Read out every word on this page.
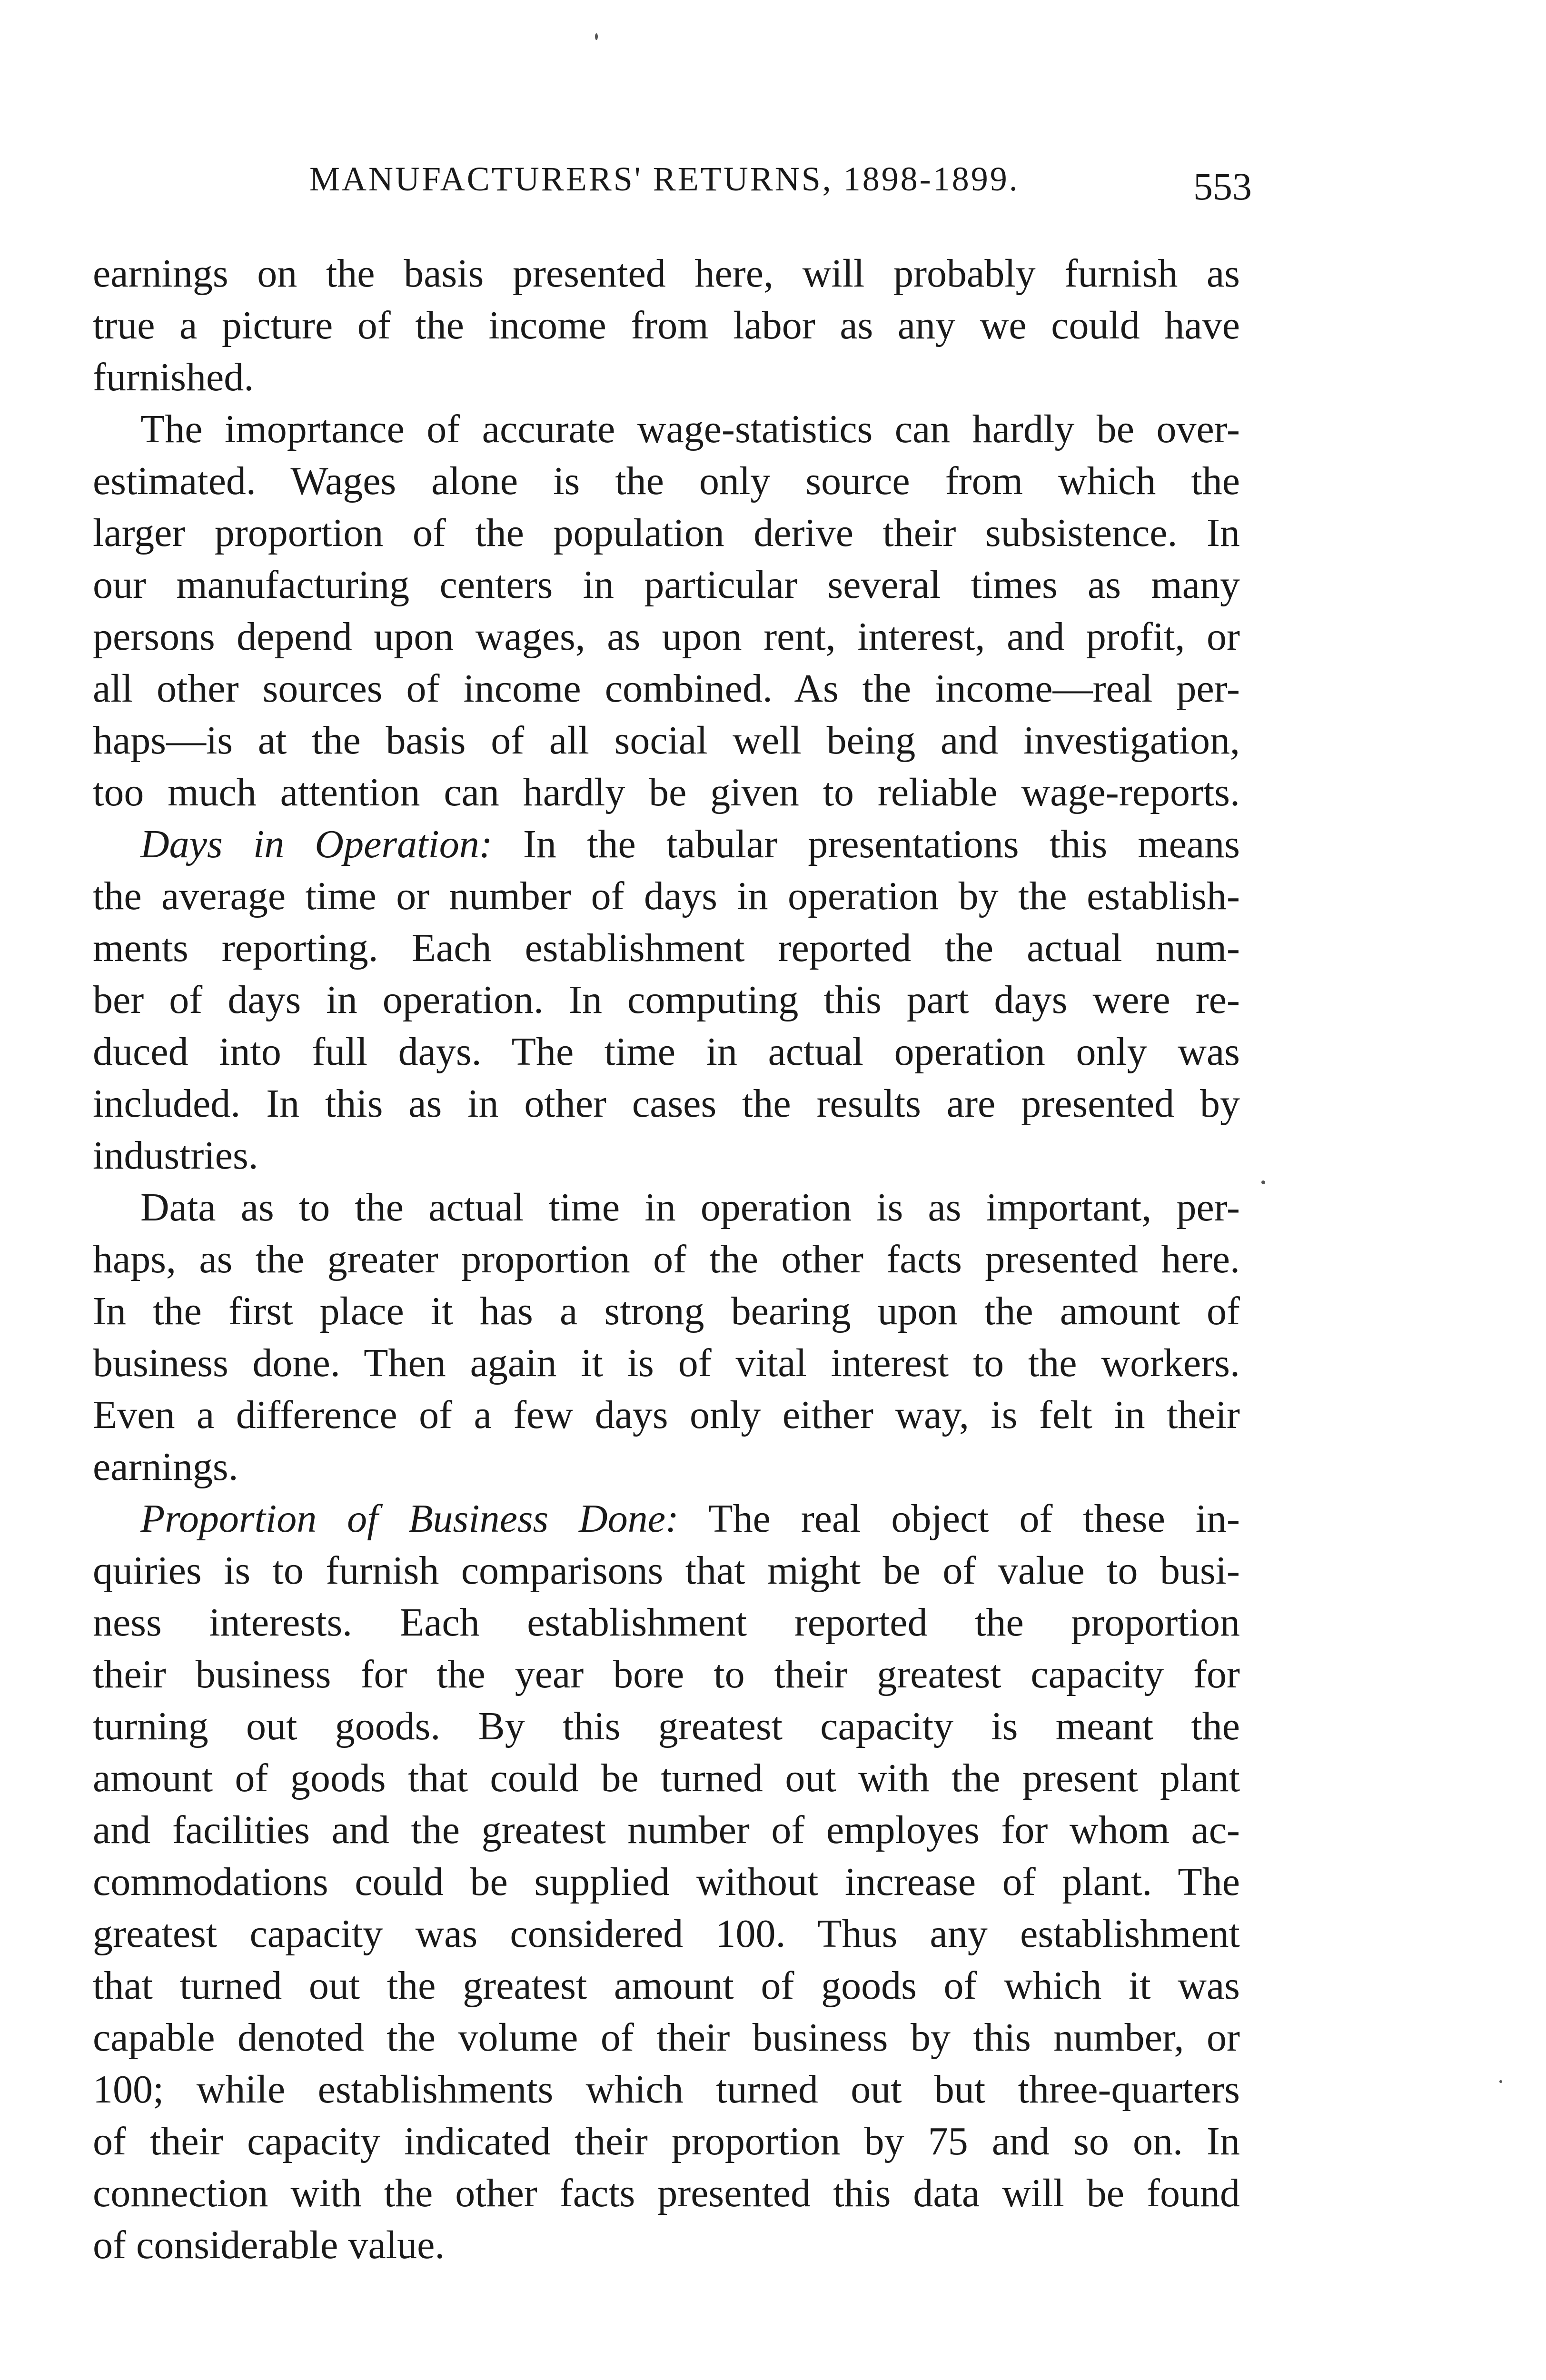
MANUFACTURERS' RETURNS, 1898-1899.	553
earnings on the basis presented here, will probably furnish as
true a picture of the income from labor as any we could have
furnished.
The imoprtance of accurate wage-statistics can hardly be over-
estimated. Wages alone is the only source from which the
larger proportion of the population derive their subsistence. In
our manufacturing centers in particular several times as many
persons depend upon wages, as upon rent, interest, and profit, or
all other sources of income combined. As the income—real per-
haps—is at the basis of all social well being and investigation,
too much attention can hardly be given to reliable wage-reports.
Days in Operation: In the tabular presentations this means
the average time or number of days in operation by the establish-
ments reporting. Each establishment reported the actual num-
ber of days in operation. In computing this part days were re-
duced into full days. The time in actual operation only was
included. In this as in other cases the results are presented by
industries.
Data as to the actual time in operation is as important, per-
haps, as the greater proportion of the other facts presented here.
In the first place it has a strong bearing upon the amount of
business done. Then again it is of vital interest to the workers.
Even a difference of a few days only either way, is felt in their
earnings.
Proportion of Business Done: The real object of these in-
quiries is to furnish comparisons that might be of value to busi-
ness interests. Each establishment reported the proportion
their business for the year bore to their greatest capacity for
turning out goods. By this greatest capacity is meant the
amount of goods that could be turned out with the present plant
and facilities and the greatest number of employes for whom ac-
commodations could be supplied without increase of plant. The
greatest capacity was considered 100. Thus any establishment
that turned out the greatest amount of goods of which it was
capable denoted the volume of their business by this number, or
100; while establishments which turned out but three-quarters
of their capacity indicated their proportion by 75 and so on. In
connection with the other facts presented this data will be found
of considerable value.
